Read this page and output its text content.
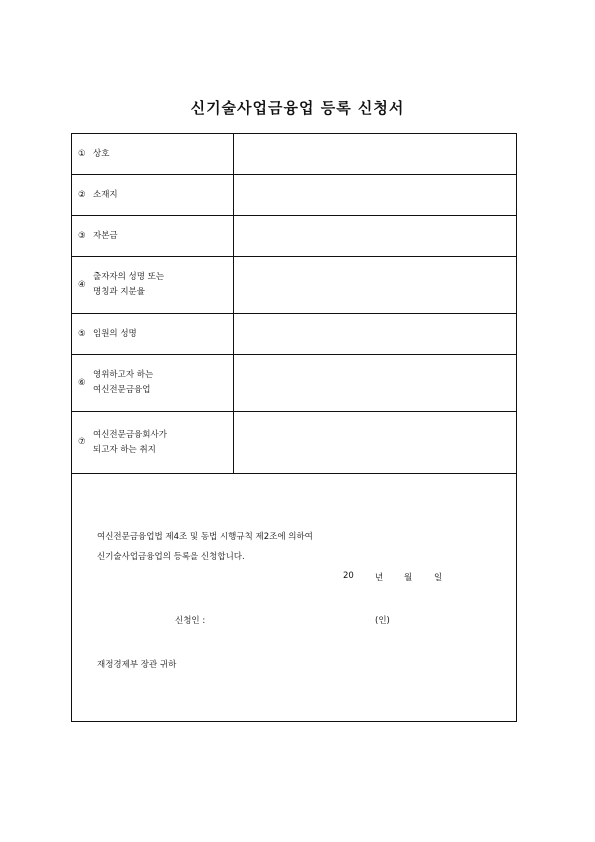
신기술사업금융업 등록 신청서
① 상호
② 소재지
③ 자본금
④
출자자의 성명 또는
명칭과 지분율
⑤ 임원의 성명
⑥
영위하고자 하는
여신전문금융업
⑦
여신전문금융회사가
되고자 하는 취지
여신전문금융업법 제4조 및 동법 시행규칙 제2조에 의하여
신기술사업금융업의 등록을 신청합니다.
20 년 월	일
신청인 :	(인)
재정경제부 장관 귀하
